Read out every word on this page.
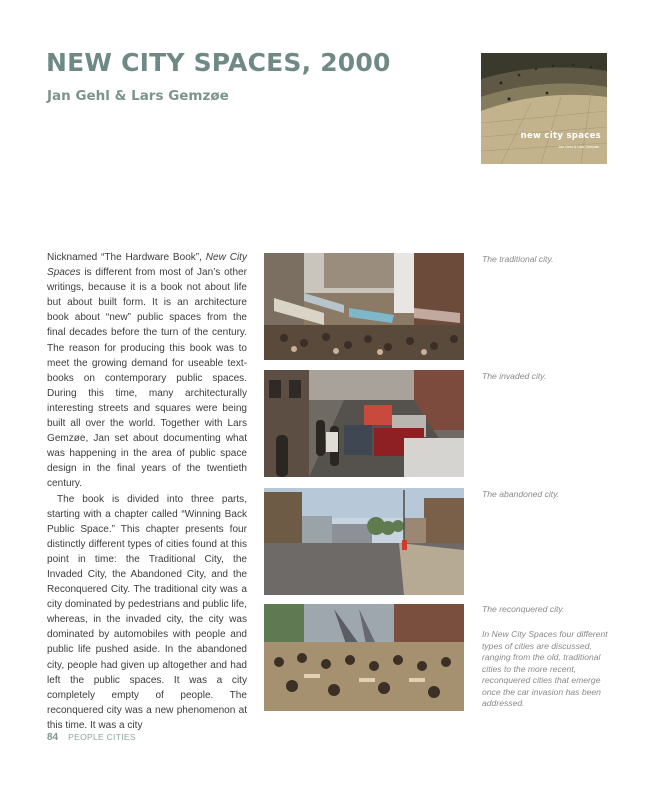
NEW CITY SPACES, 2000
Jan Gehl & Lars Gemzøe
new city spaces
Jan Gehl & Lars Gemzøe

Nicknamed “The Hardware Book”, New City Spaces is different from most of Jan’s other writings, because it is a book not about life but about built form. It is an architecture book about “new” public spaces from the final decades before the turn of the century. The reason for producing this book was to meet the growing demand for useable text-books on contemporary public spaces. During this time, many architecturally interesting streets and squares were being built all over the world. Together with Lars Gemzøe, Jan set about documenting what was happening in the area of public space design in the final years of the twentieth century.

The book is divided into three parts, starting with a chapter called “Winning Back Public Space.” This chapter presents four distinctly different types of cities found at this point in time: the Traditional City, the Invaded City, the Abandoned City, and the Reconquered City. The traditional city was a city dominated by pedestrians and public life, whereas, in the invaded city, the city was dominated by automobiles with people and public life pushed aside. In the abandoned city, people had given up altogether and had left the public spaces. It was a city completely empty of people. The reconquered city was a new phenomenon at this time. It was a city

The traditional city.
The invaded city.
The abandoned city.
The reconquered city.
In New City Spaces four different types of cities are discussed, ranging from the old, traditional cities to the more recent, reconquered cities that emerge once the car invasion has been addressed.
84 PEOPLE CITIES
